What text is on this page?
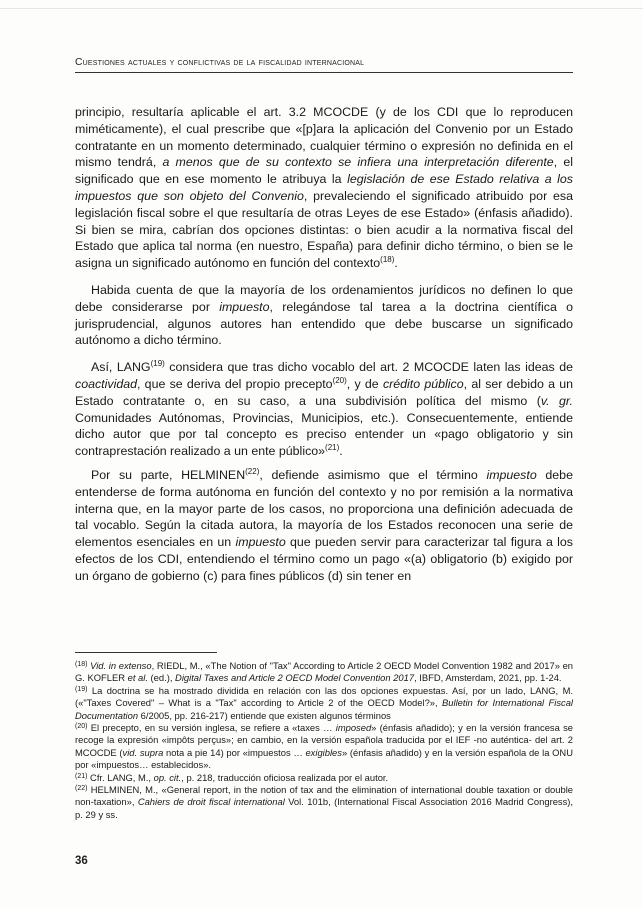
Cuestiones actuales y conflictivas de la fiscalidad internacional

principio, resultaría aplicable el art. 3.2 MCOCDE (y de los CDI que lo reproducen miméticamente), el cual prescribe que «[p]ara la aplicación del Convenio por un Estado contratante en un momento determinado, cualquier término o expresión no definida en el mismo tendrá, a menos que de su contexto se infiera una interpretación diferente, el significado que en ese momento le atribuya la legislación de ese Estado relativa a los impuestos que son objeto del Convenio, prevaleciendo el significado atribuido por esa legislación fiscal sobre el que resultaría de otras Leyes de ese Estado» (énfasis añadido). Si bien se mira, cabrían dos opciones distintas: o bien acudir a la normativa fiscal del Estado que aplica tal norma (en nuestro, España) para definir dicho término, o bien se le asigna un significado autónomo en función del contexto$^{(18)}$.

Habida cuenta de que la mayoría de los ordenamientos jurídicos no definen lo que debe considerarse por impuesto, relegándose tal tarea a la doctrina científica o jurisprudencial, algunos autores han entendido que debe buscarse un significado autónomo a dicho término.

Así, LANG$^{(19)}$ considera que tras dicho vocablo del art. 2 MCOCDE laten las ideas de coactividad, que se deriva del propio precepto$^{(20)}$, y de crédito público, al ser debido a un Estado contratante o, en su caso, a una subdivisión política del mismo (v. gr. Comunidades Autónomas, Provincias, Municipios, etc.). Consecuentemente, entiende dicho autor que por tal concepto es preciso entender un «pago obligatorio y sin contraprestación realizado a un ente público»$^{(21)}$.

Por su parte, HELMINEN$^{(22)}$, defiende asimismo que el término impuesto debe entenderse de forma autónoma en función del contexto y no por remisión a la normativa interna que, en la mayor parte de los casos, no proporciona una definición adecuada de tal vocablo. Según la citada autora, la mayoría de los Estados reconocen una serie de elementos esenciales en un impuesto que pueden servir para caracterizar tal figura a los efectos de los CDI, entendiendo el término como un pago «(a) obligatorio (b) exigido por un órgano de gobierno (c) para fines públicos (d) sin tener en

$^{(18)}$ Vid. in extenso, RIEDL, M., «The Notion of "Tax" According to Article 2 OECD Model Convention 1982 and 2017» en G. KOFLER et al. (ed.), Digital Taxes and Article 2 OECD Model Convention 2017, IBFD, Amsterdam, 2021, pp. 1-24.

$^{(19)}$ La doctrina se ha mostrado dividida en relación con las dos opciones expuestas. Así, por un lado, LANG, M. («"Taxes Covered" – What is a "Tax" according to Article 2 of the OECD Model?», Bulletin for International Fiscal Documentation 6/2005, pp. 216-217) entiende que existen algunos términos

$^{(20)}$ El precepto, en su versión inglesa, se refiere a «taxes … imposed» (énfasis añadido); y en la versión francesa se recoge la expresión «impôts perçus»; en cambio, en la versión española traducida por el IEF -no auténtica- del art. 2 MCOCDE (vid. supra nota a pie 14) por «impuestos … exigibles» (énfasis añadido) y en la versión española de la ONU por «impuestos… establecidos».

$^{(21)}$ Cfr. LANG, M., op. cit., p. 218, traducción oficiosa realizada por el autor.

$^{(22)}$ HELMINEN, M., «General report, in the notion of tax and the elimination of international double taxation or double non-taxation», Cahiers de droit fiscal international Vol. 101b, (International Fiscal Association 2016 Madrid Congress), p. 29 y ss.

36
